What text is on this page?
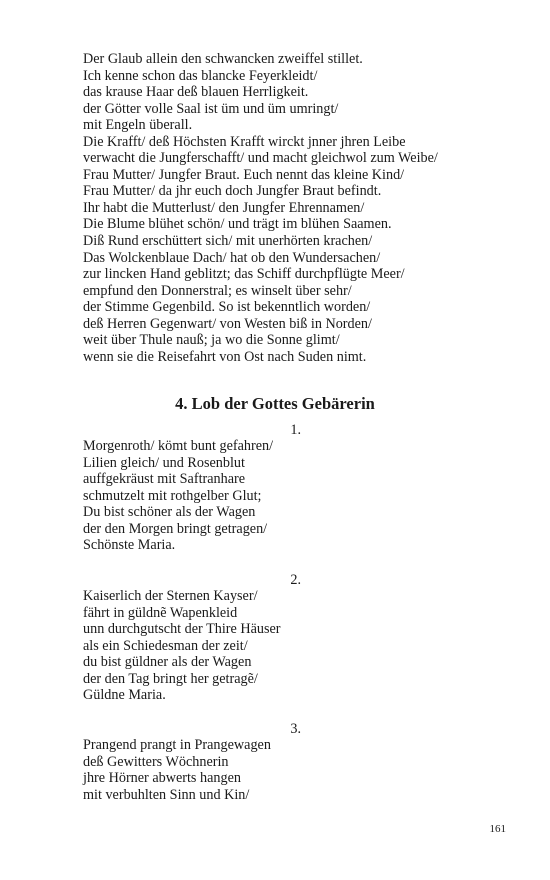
Der Glaub allein den schwancken zweiffel stillet.
Ich kenne schon das blancke Feyerkleidt/
das krause Haar deß blauen Herrligkeit.
der Götter volle Saal ist üm und üm umringt/
mit Engeln überall.
Die Krafft/ deß Höchsten Krafft wirckt jnner jhren Leibe
verwacht die Jungferschafft/ und macht gleichwol zum Weibe/
Frau Mutter/ Jungfer Braut. Euch nennt das kleine Kind/
Frau Mutter/ da jhr euch doch Jungfer Braut befindt.
Ihr habt die Mutterlust/ den Jungfer Ehrennamen/
Die Blume blühet schön/ und trägt im blühen Saamen.
Diß Rund erschüttert sich/ mit unerhörten krachen/
Das Wolckenblaue Dach/ hat ob den Wundersachen/
zur lincken Hand geblitzt; das Schiff durchpflügte Meer/
empfund den Donnerstral; es winselt über sehr/
der Stimme Gegenbild. So ist bekenntlich worden/
deß Herren Gegenwart/ von Westen biß in Norden/
weit über Thule nauß; ja wo die Sonne glimt/
wenn sie die Reisefahrt von Ost nach Suden nimt.
4. Lob der Gottes Gebärerin
1.
Morgenroth/ kömt bunt gefahren/
Lilien gleich/ und Rosenblut
auffgekräust mit Saftranhare
schmutzelt mit rothgelber Glut;
Du bist schöner als der Wagen
der den Morgen bringt getragen/
Schönste Maria.
2.
Kaiserlich der Sternen Kayser/
fährt in güldnẽ Wapenkleid
unn durchgutscht der Thire Häuser
als ein Schiedesman der zeit/
du bist güldner als der Wagen
der den Tag bringt her getragẽ/
Güldne Maria.
3.
Prangend prangt in Prangewagen
deß Gewitters Wöchnerin
jhre Hörner abwerts hangen
mit verbuhlten Sinn und Kin/
161
